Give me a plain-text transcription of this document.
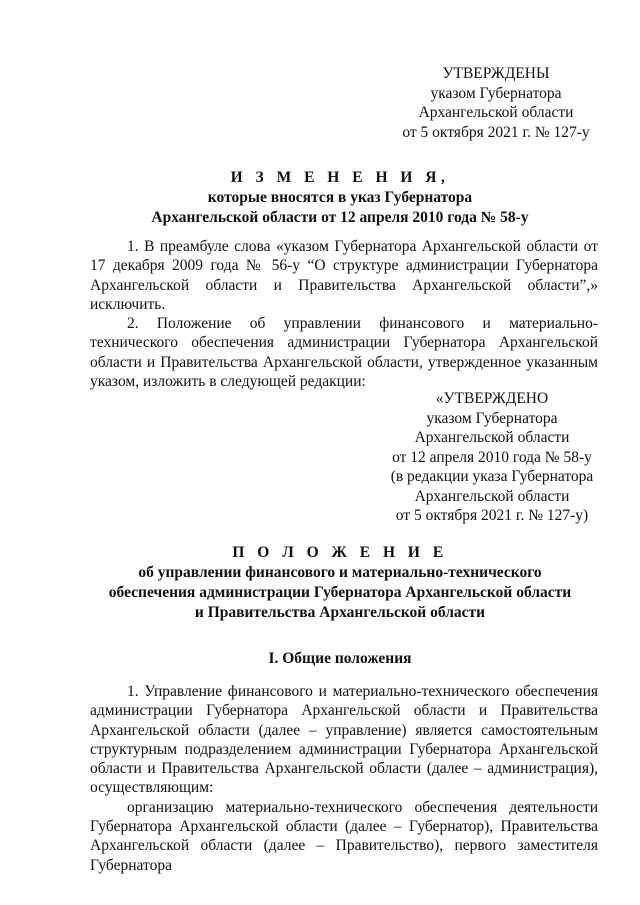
УТВЕРЖДЕНЫ
указом Губернатора
Архангельской области
от 5 октября 2021 г. № 127-у
И З М Е Н Е Н И Я,
которые вносятся в указ Губернатора
Архангельской области от 12 апреля 2010 года № 58-у

1. В преамбуле слова «указом Губернатора Архангельской области от 17 декабря 2009 года № 56-у “О структуре администрации Губернатора Архангельской области и Правительства Архангельской области”,» исключить.

2. Положение об управлении финансового и материально-технического обеспечения администрации Губернатора Архангельской области и Правительства Архангельской области, утвержденное указанным указом, изложить в следующей редакции:

«УТВЕРЖДЕНО
указом Губернатора
Архангельской области
от 12 апреля 2010 года № 58-у
(в редакции указа Губернатора
Архангельской области
от 5 октября 2021 г. № 127-у)
П О Л О Ж Е Н И Е
об управлении финансового и материально-технического
обеспечения администрации Губернатора Архангельской области
и Правительства Архангельской области
I. Общие положения

1. Управление финансового и материально-технического обеспечения администрации Губернатора Архангельской области и Правительства Архангельской области (далее – управление) является самостоятельным структурным подразделением администрации Губернатора Архангельской области и Правительства Архангельской области (далее – администрация), осуществляющим:

организацию материально-технического обеспечения деятельности Губернатора Архангельской области (далее – Губернатор), Правительства Архангельской области (далее – Правительство), первого заместителя Губернатора
